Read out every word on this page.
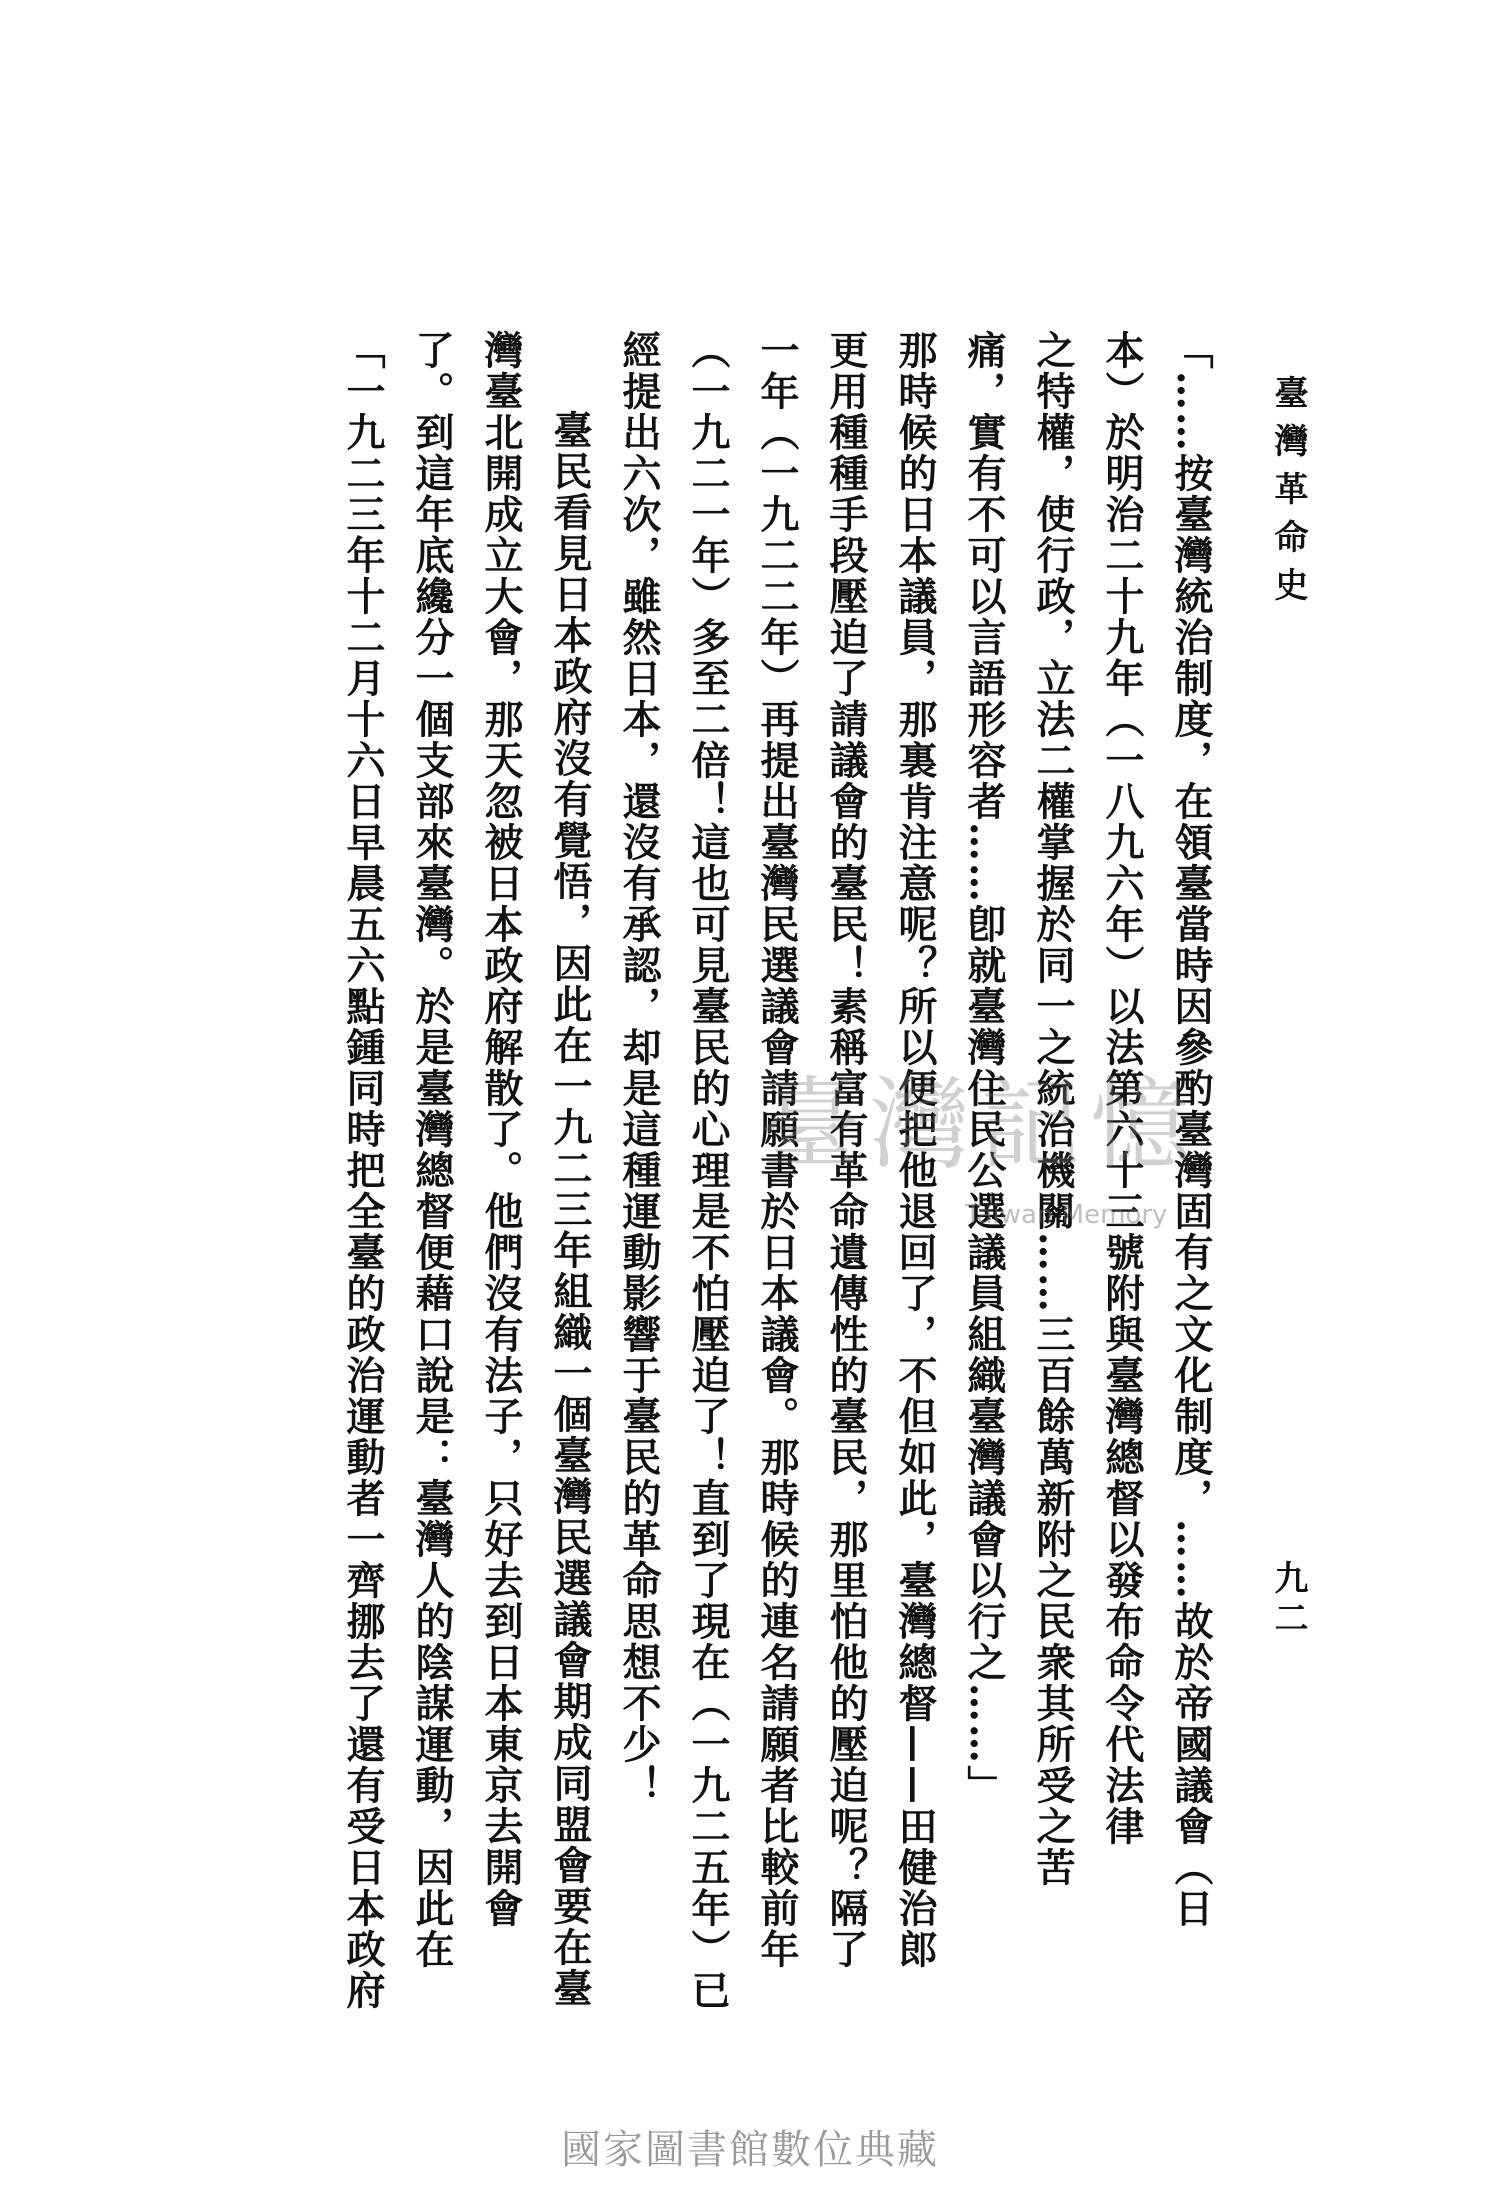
臺灣革命史
九二
「……按臺灣統治制度，在領臺當時因參酌臺灣固有之文化制度，……故於帝國議會（日
本）於明治二十九年（一八九六年）以法第六十三號附與臺灣總督以發布命令代法律
之特權，使行政，立法二權掌握於同一之統治機關……三百餘萬新附之民衆其所受之苦
痛，實有不可以言語形容者……卽就臺灣住民公選議員組織臺灣議會以行之……」
那時候的日本議員，那裏肯注意呢？所以便把他退回了，不但如此，臺灣總督——田健治郎
更用種種手段壓迫了請議會的臺民！素稱富有革命遺傳性的臺民，那里怕他的壓迫呢？隔了
一年（一九二二年）再提出臺灣民選議會請願書於日本議會。那時候的連名請願者比較前年
（一九二一年）多至二倍！這也可見臺民的心理是不怕壓迫了！直到了現在（一九二五年）已
經提出六次，雖然日本，還沒有承認，却是這種運動影響于臺民的革命思想不少！
臺民看見日本政府沒有覺悟，因此在一九二三年組織一個臺灣民選議會期成同盟會要在臺
灣臺北開成立大會，那天忽被日本政府解散了。他們沒有法子，只好去到日本東京去開會
了。到這年底纔分一個支部來臺灣。於是臺灣總督便藉口說是：臺灣人的陰謀運動，因此在
「一九二三年十二月十六日早晨五六點鍾同時把全臺的政治運動者一齊挪去了還有受日本政府	臺灣記憶
Taiwan Memory
國家圖書館數位典藏
